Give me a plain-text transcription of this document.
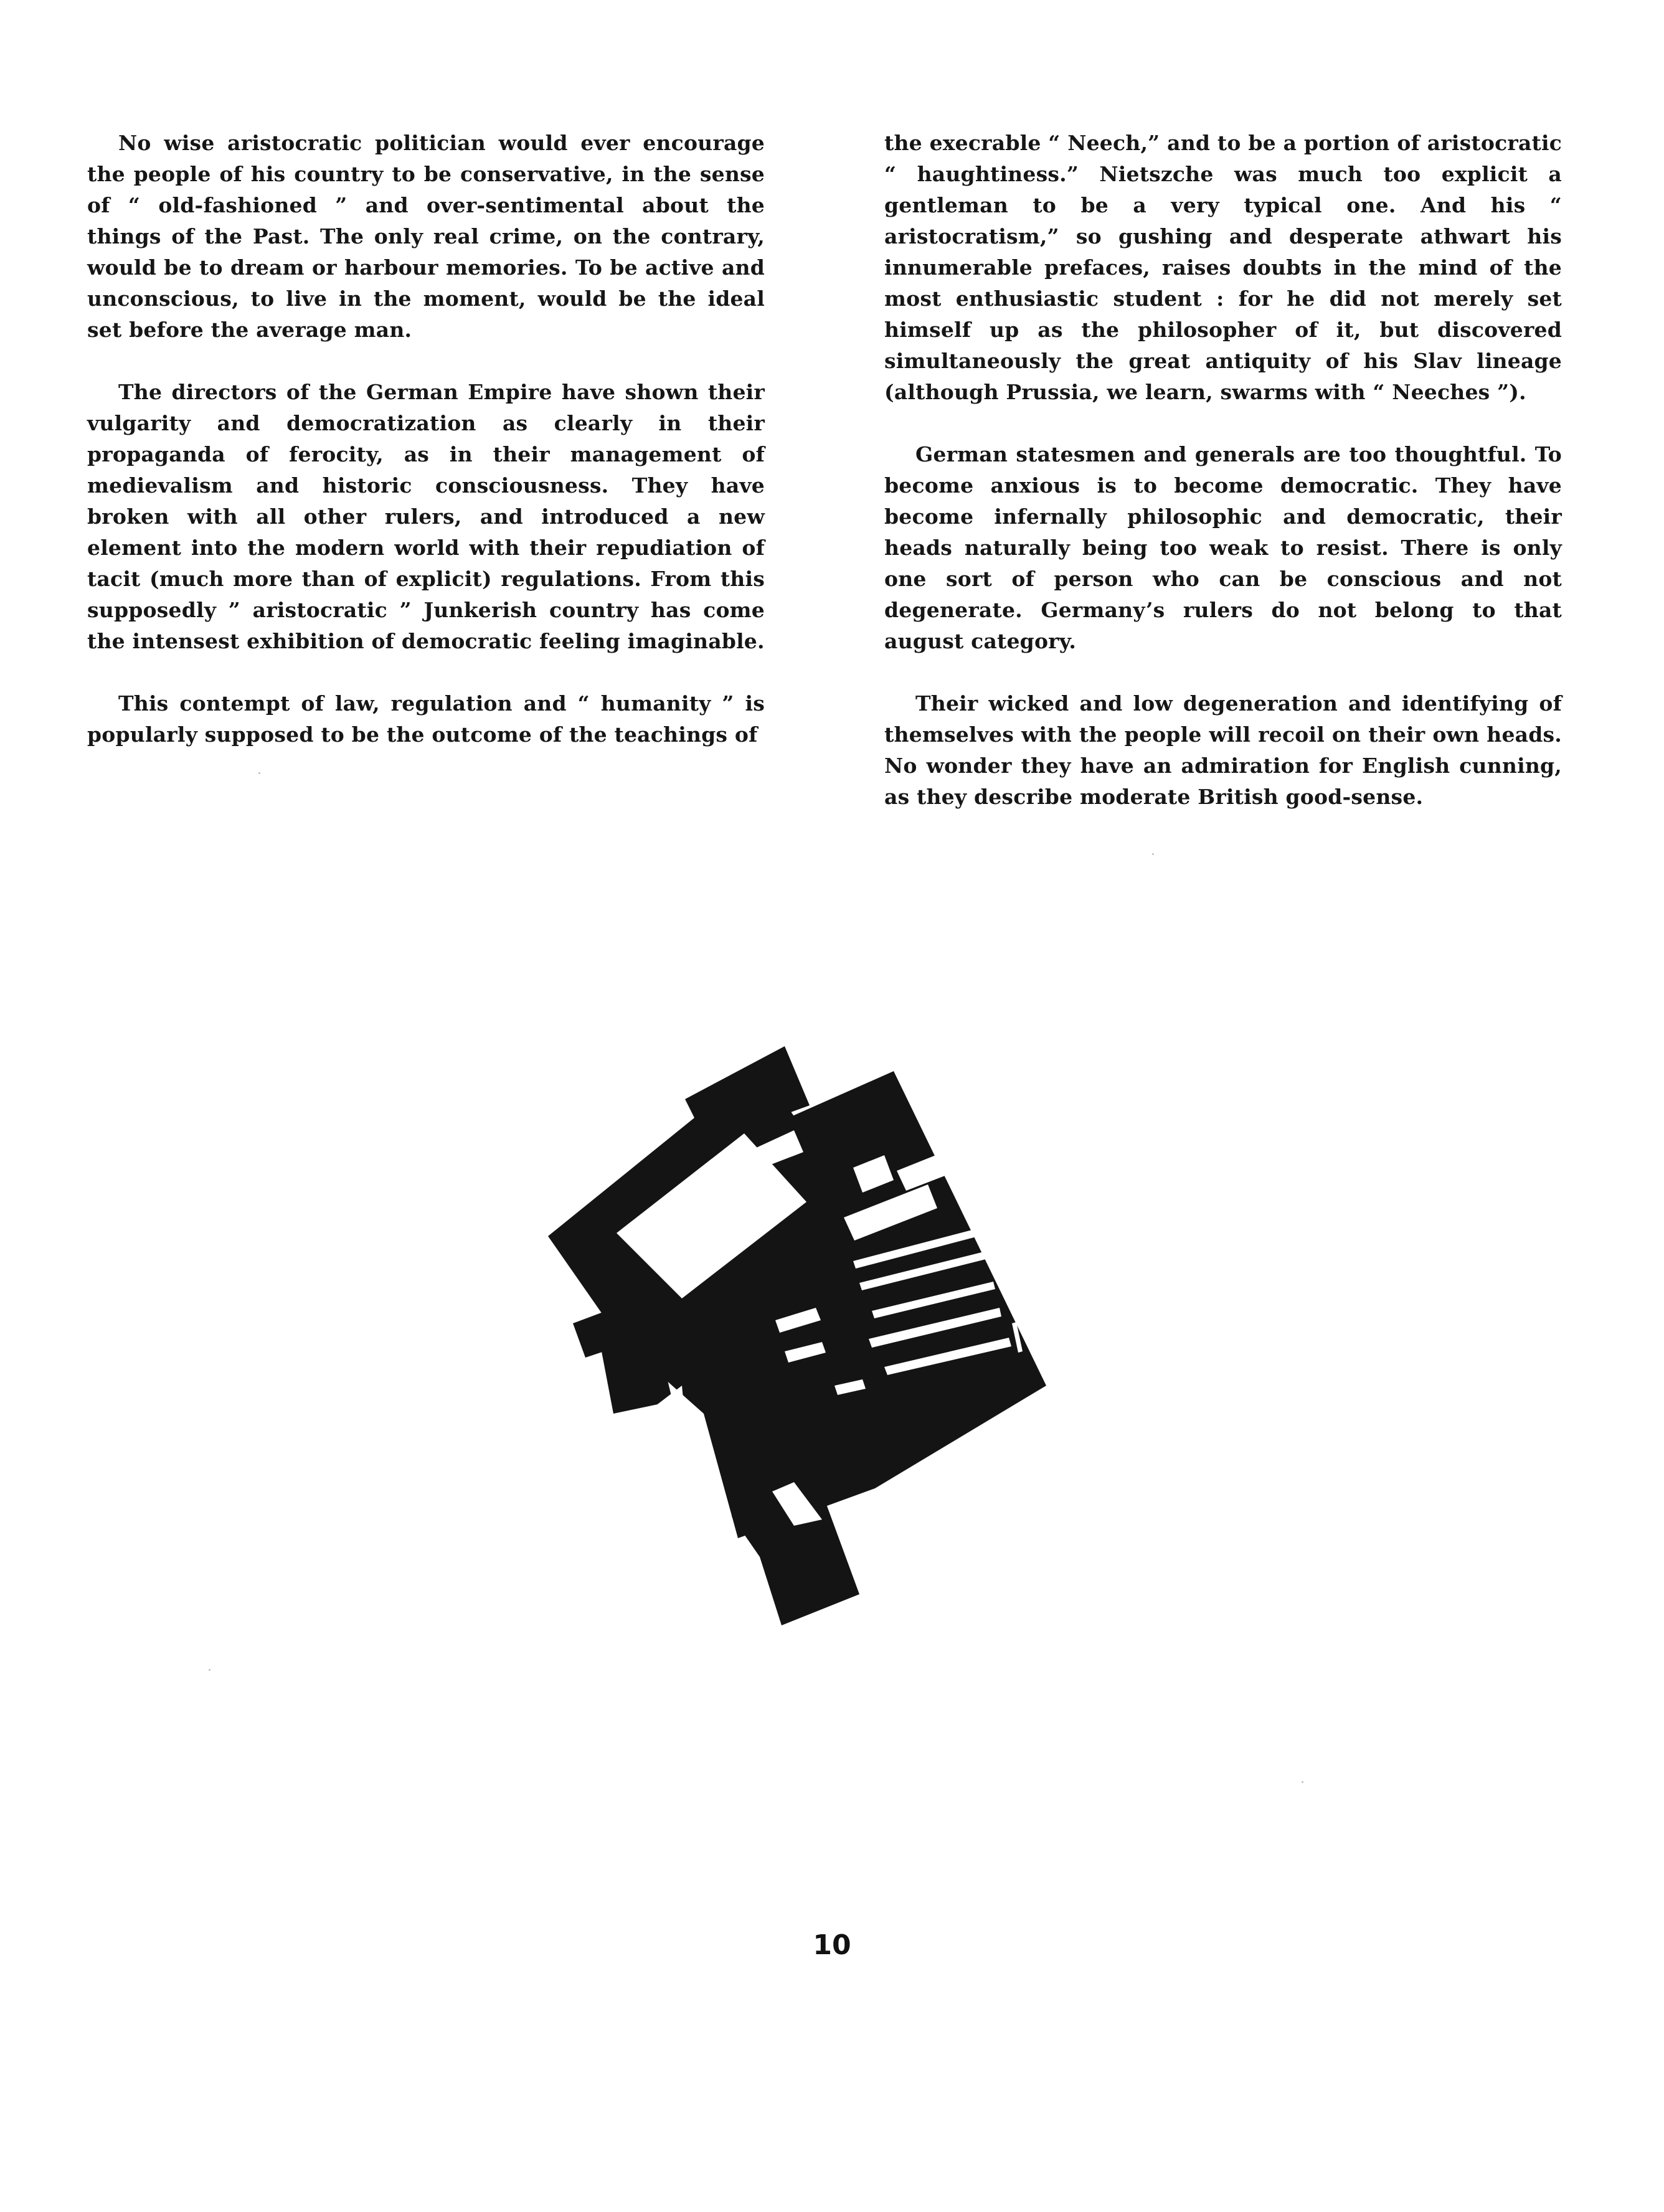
No wise aristocratic politician would ever encourage the people of his country to be conservative, in the sense of “ old-fashioned ” and over-sentimental about the things of the Past. The only real crime, on the contrary, would be to dream or harbour memories. To be active and unconscious, to live in the moment, would be the ideal set before the average man.

The directors of the German Empire have shown their vulgarity and democratization as clearly in their propaganda of ferocity, as in their management of medievalism and historic consciousness. They have broken with all other rulers, and introduced a new element into the modern world with their repudiation of tacit (much more than of explicit) regulations. From this supposedly ” aristocratic ” Junkerish country has come the intensest exhibition of democratic feeling imaginable.

This contempt of law, regulation and “ humanity ” is popularly supposed to be the outcome of the teachings of

the execrable “ Neech,” and to be a portion of aristocratic “ haughtiness.” Nietszche was much too explicit a gentleman to be a very typical one. And his “ aristocratism,” so gushing and desperate athwart his innumerable prefaces, raises doubts in the mind of the most enthusiastic student : for he did not merely set himself up as the philosopher of it, but discovered simultaneously the great antiquity of his Slav lineage (although Prussia, we learn, swarms with “ Neeches ”).

German statesmen and generals are too thoughtful. To become anxious is to become democratic. They have become infernally philosophic and democratic, their heads naturally being too weak to resist. There is only one sort of person who can be conscious and not degenerate. Germany’s rulers do not belong to that august category.

Their wicked and low degeneration and identifying of themselves with the people will recoil on their own heads. No wonder they have an admiration for English cunning, as they describe moderate British good-sense.

10
